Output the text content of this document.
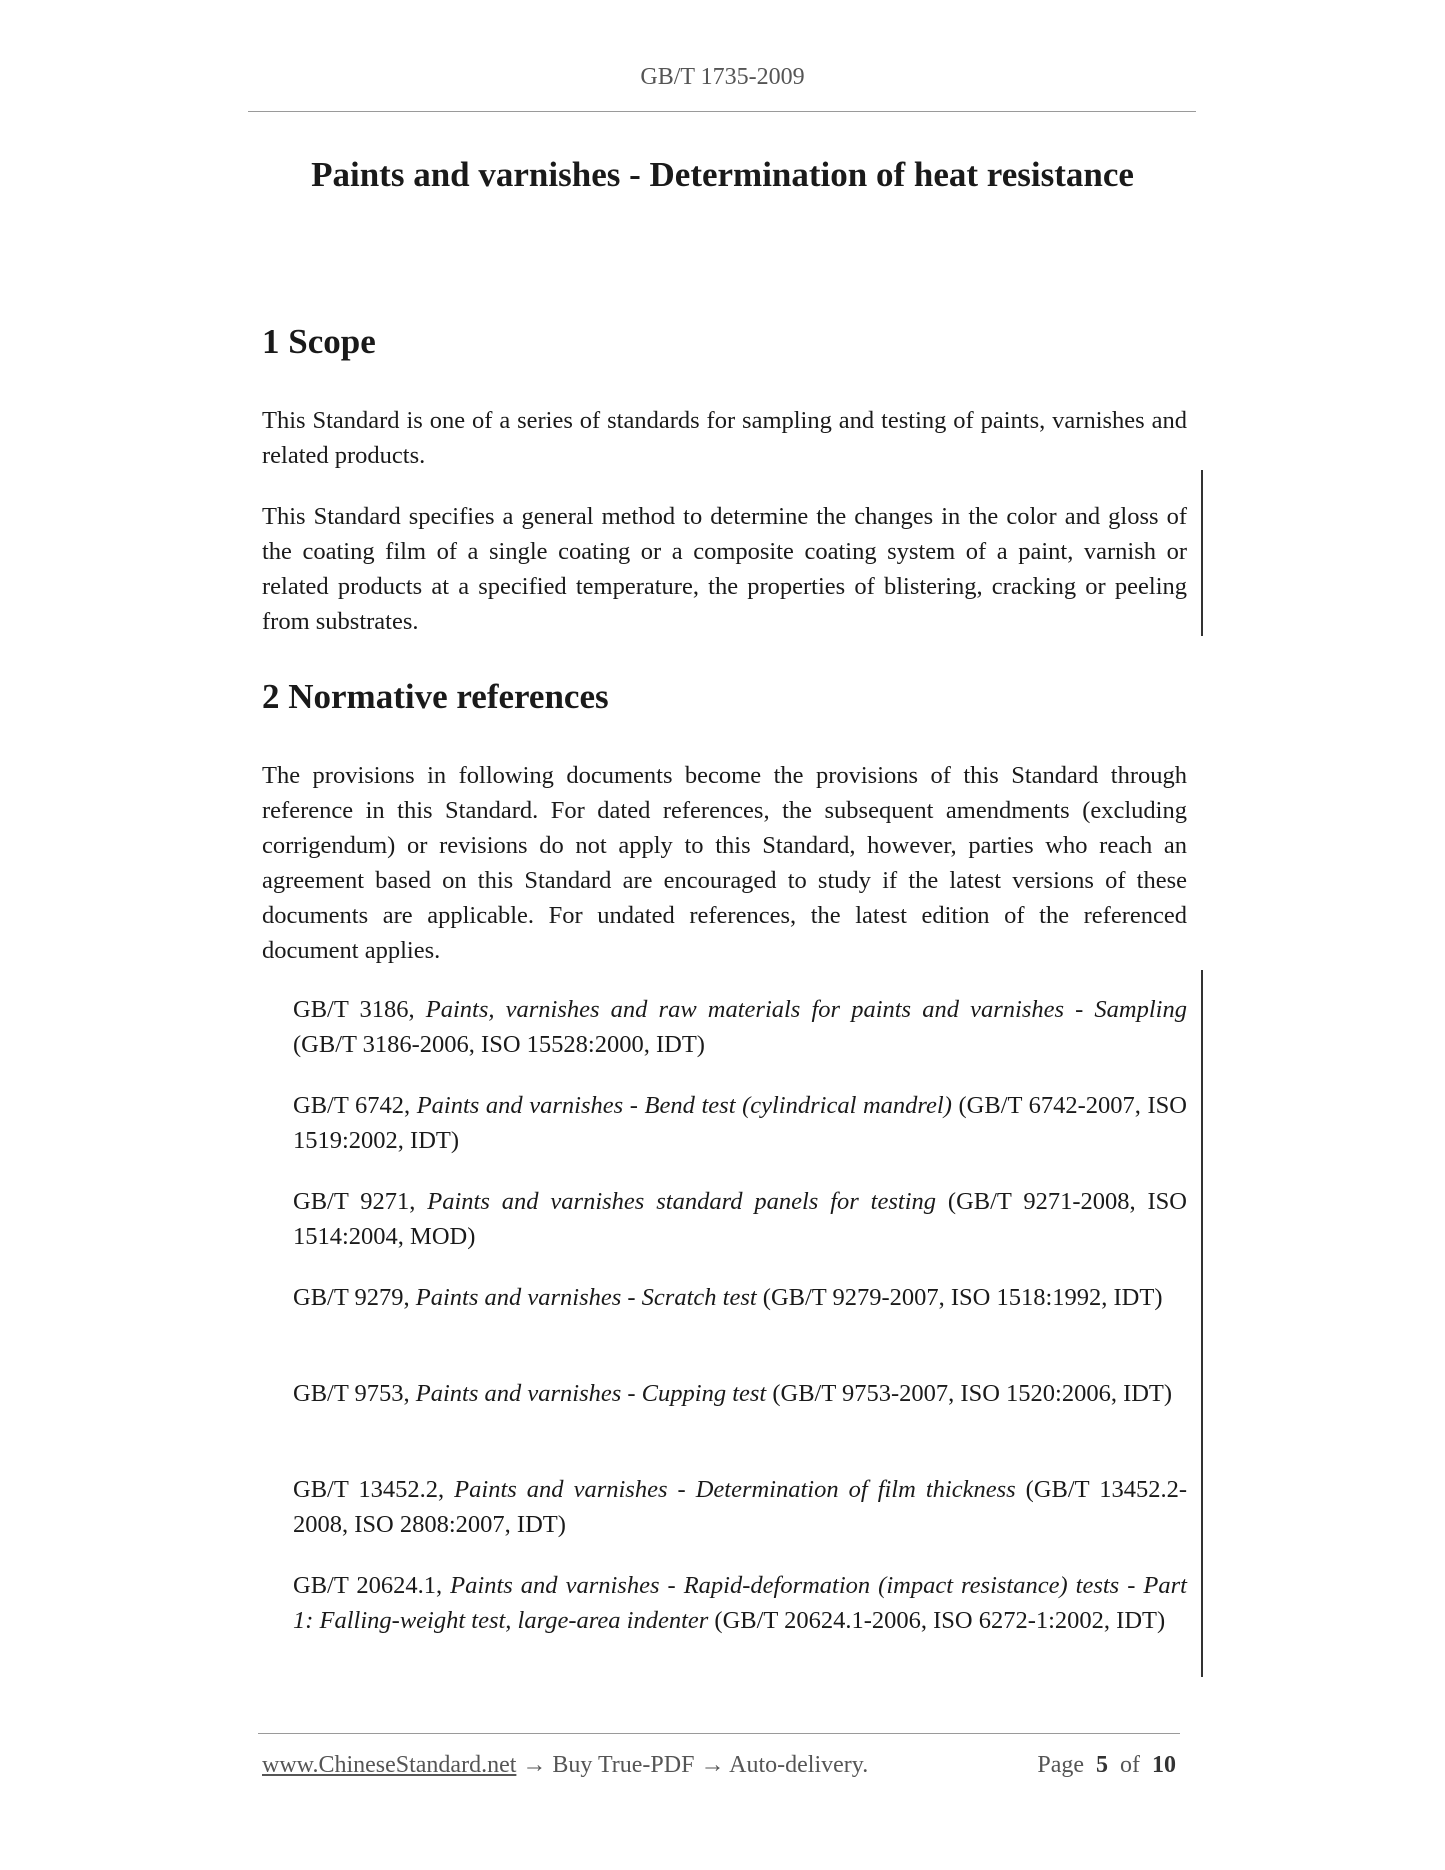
GB/T 1735-2009
Paints and varnishes - Determination of heat resistance
1 Scope

This Standard is one of a series of standards for sampling and testing of paints, varnishes and related products.

This Standard specifies a general method to determine the changes in the color and gloss of the coating film of a single coating or a composite coating system of a paint, varnish or related products at a specified temperature, the properties of blistering, cracking or peeling from substrates.

2 Normative references

The provisions in following documents become the provisions of this Standard through reference in this Standard. For dated references, the subsequent amendments (excluding corrigendum) or revisions do not apply to this Standard, however, parties who reach an agreement based on this Standard are encouraged to study if the latest versions of these documents are applicable. For undated references, the latest edition of the referenced document applies.

GB/T 3186, Paints, varnishes and raw materials for paints and varnishes - Sampling (GB/T 3186-2006, ISO 15528:2000, IDT)

GB/T 6742, Paints and varnishes - Bend test (cylindrical mandrel) (GB/T 6742-2007, ISO 1519:2002, IDT)

GB/T 9271, Paints and varnishes standard panels for testing (GB/T 9271-2008, ISO 1514:2004, MOD)

GB/T 9279, Paints and varnishes - Scratch test (GB/T 9279-2007, ISO 1518:1992, IDT)

GB/T 9753, Paints and varnishes - Cupping test (GB/T 9753-2007, ISO 1520:2006, IDT)

GB/T 13452.2, Paints and varnishes - Determination of film thickness (GB/T 13452.2-2008, ISO 2808:2007, IDT)

GB/T 20624.1, Paints and varnishes - Rapid-deformation (impact resistance) tests - Part 1: Falling-weight test, large-area indenter (GB/T 20624.1-2006, ISO 6272-1:2002, IDT)

www.ChineseStandard.net → Buy True-PDF → Auto-delivery.	Page 5 of 10
